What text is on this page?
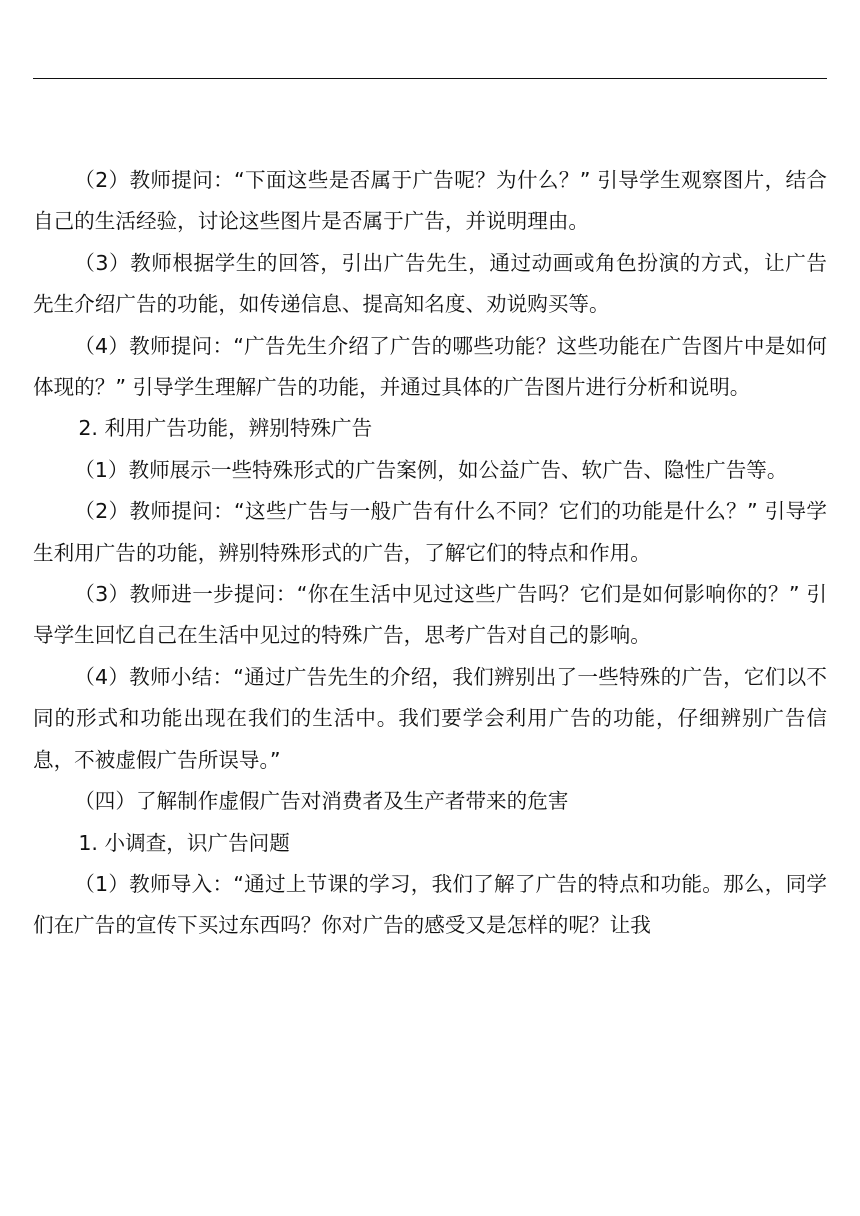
（2）教师提问：“下面这些是否属于广告呢？为什么？” 引导学生观察图片，结合自己的生活经验，讨论这些图片是否属于广告，并说明理由。

（3）教师根据学生的回答，引出广告先生，通过动画或角色扮演的方式，让广告先生介绍广告的功能，如传递信息、提高知名度、劝说购买等。

（4）教师提问：“广告先生介绍了广告的哪些功能？这些功能在广告图片中是如何体现的？” 引导学生理解广告的功能，并通过具体的广告图片进行分析和说明。

2. 利用广告功能，辨别特殊广告

（1）教师展示一些特殊形式的广告案例，如公益广告、软广告、隐性广告等。

（2）教师提问：“这些广告与一般广告有什么不同？它们的功能是什么？” 引导学生利用广告的功能，辨别特殊形式的广告，了解它们的特点和作用。

（3）教师进一步提问：“你在生活中见过这些广告吗？它们是如何影响你的？” 引导学生回忆自己在生活中见过的特殊广告，思考广告对自己的影响。

（4）教师小结：“通过广告先生的介绍，我们辨别出了一些特殊的广告，它们以不同的形式和功能出现在我们的生活中。我们要学会利用广告的功能，仔细辨别广告信息，不被虚假广告所误导。”

（四）了解制作虚假广告对消费者及生产者带来的危害

1. 小调查，识广告问题

（1）教师导入：“通过上节课的学习，我们了解了广告的特点和功能。那么，同学们在广告的宣传下买过东西吗？你对广告的感受又是怎样的呢？让我
